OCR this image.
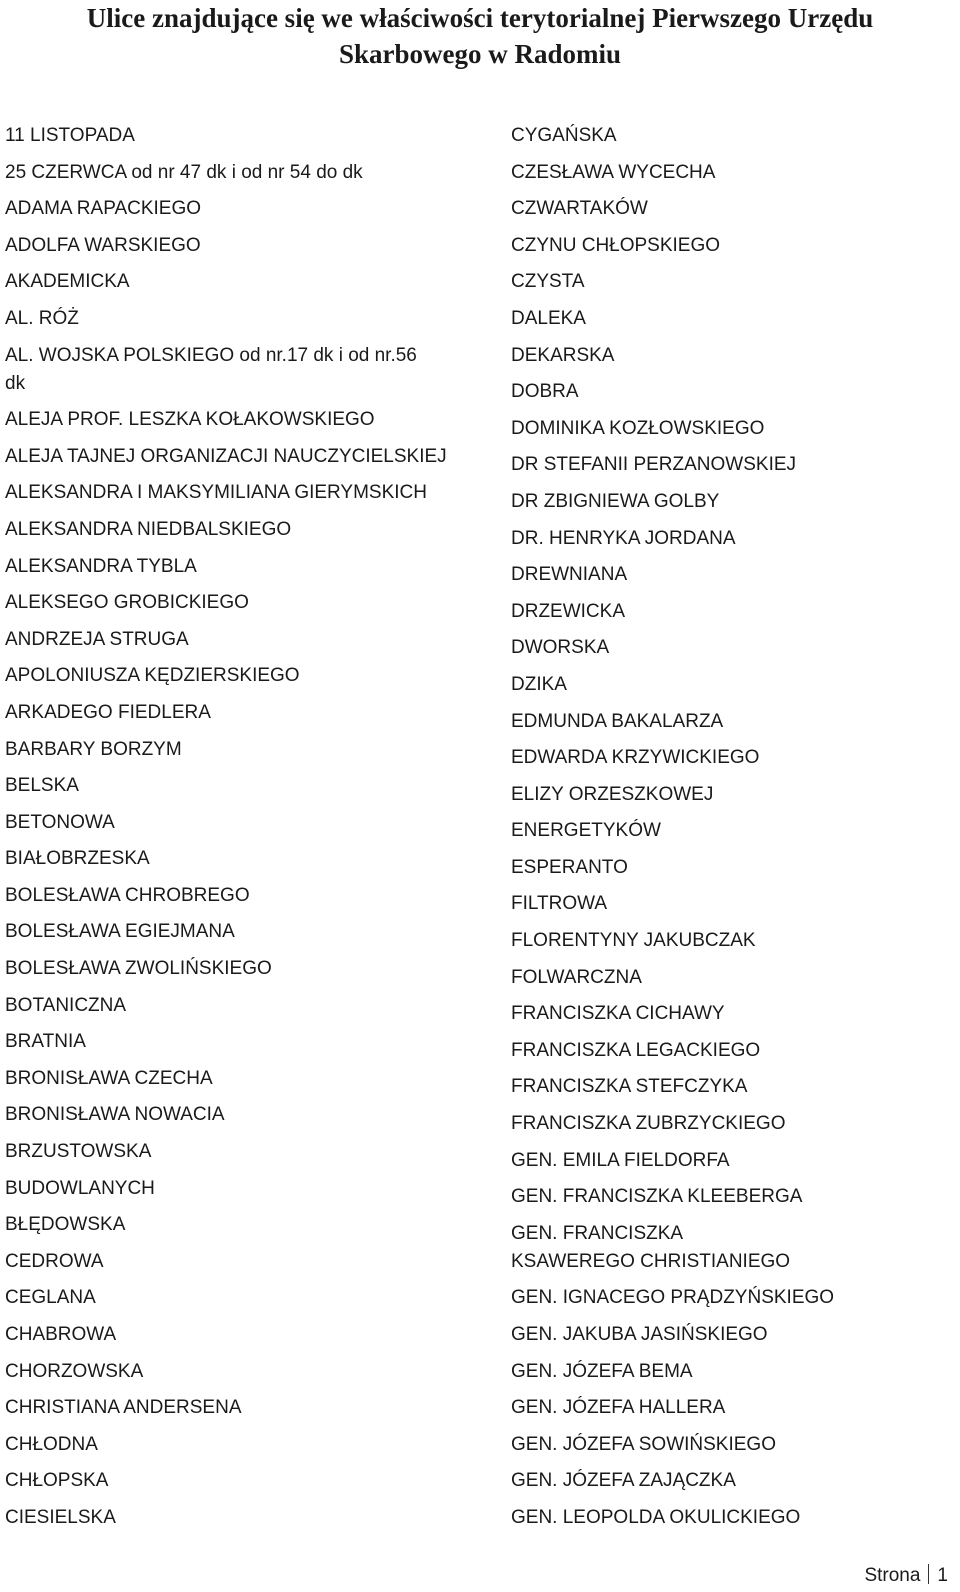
Ulice znajdujące się we właściwości terytorialnej Pierwszego Urzędu
Skarbowego w Radomiu
11 LISTOPADA
25 CZERWCA od nr 47 dk i od nr 54 do dk
ADAMA RAPACKIEGO
ADOLFA WARSKIEGO
AKADEMICKA
AL. RÓŻ
AL. WOJSKA POLSKIEGO od nr.17 dk i od nr.56 dk
ALEJA PROF. LESZKA KOŁAKOWSKIEGO
ALEJA TAJNEJ ORGANIZACJI NAUCZYCIELSKIEJ
ALEKSANDRA I MAKSYMILIANA GIERYMSKICH
ALEKSANDRA NIEDBALSKIEGO
ALEKSANDRA TYBLA
ALEKSEGO GROBICKIEGO
ANDRZEJA STRUGA
APOLONIUSZA KĘDZIERSKIEGO
ARKADEGO FIEDLERA
BARBARY BORZYM
BELSKA
BETONOWA
BIAŁOBRZESKA
BOLESŁAWA CHROBREGO
BOLESŁAWA EGIEJMANA
BOLESŁAWA ZWOLIŃSKIEGO
BOTANICZNA
BRATNIA
BRONISŁAWA CZECHA
BRONISŁAWA NOWACIA
BRZUSTOWSKA
BUDOWLANYCH
BŁĘDOWSKA
CEDROWA
CEGLANA
CHABROWA
CHORZOWSKA
CHRISTIANA ANDERSENA
CHŁODNA
CHŁOPSKA
CIESIELSKA
CYGAŃSKA
CZESŁAWA WYCECHA
CZWARTAKÓW
CZYNU CHŁOPSKIEGO
CZYSTA
DALEKA
DEKARSKA
DOBRA
DOMINIKA KOZŁOWSKIEGO
DR STEFANII PERZANOWSKIEJ
DR ZBIGNIEWA GOLBY
DR. HENRYKA JORDANA
DREWNIANA
DRZEWICKA
DWORSKA
DZIKA
EDMUNDA BAKALARZA
EDWARDA KRZYWICKIEGO
ELIZY ORZESZKOWEJ
ENERGETYKÓW
ESPERANTO
FILTROWA
FLORENTYNY JAKUBCZAK
FOLWARCZNA
FRANCISZKA CICHAWY
FRANCISZKA LEGACKIEGO
FRANCISZKA STEFCZYKA
FRANCISZKA ZUBRZYCKIEGO
GEN. EMILA FIELDORFA
GEN. FRANCISZKA KLEEBERGA
GEN. FRANCISZKA KSAWEREGO CHRISTIANIEGO
GEN. IGNACEGO PRĄDZYŃSKIEGO
GEN. JAKUBA JASIŃSKIEGO
GEN. JÓZEFA BEMA
GEN. JÓZEFA HALLERA
GEN. JÓZEFA SOWIŃSKIEGO
GEN. JÓZEFA ZAJĄCZKA
GEN. LEOPOLDA OKULICKIEGO
Strona 1
